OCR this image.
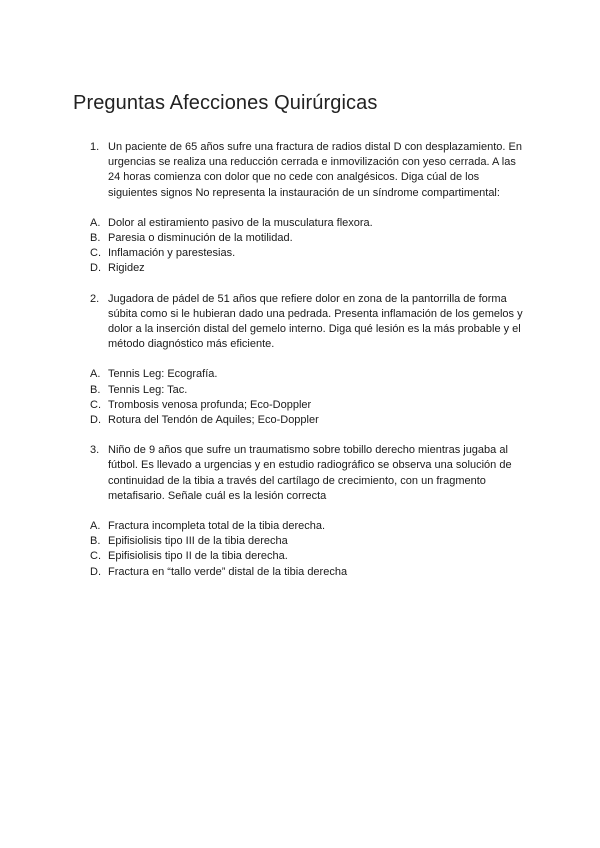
Preguntas Afecciones Quirúrgicas
1. Un paciente de 65 años sufre una fractura de radios distal D con desplazamiento. En urgencias se realiza una reducción cerrada e inmovilización con yeso cerrada. A las 24 horas comienza con dolor que no cede con analgésicos. Diga cúal de los siguientes signos No representa la instauración de un síndrome compartimental:
A. Dolor al estiramiento pasivo de la musculatura flexora.
B. Paresia o disminución de la motilidad.
C. Inflamación y parestesias.
D. Rigidez
2. Jugadora de pádel de 51 años que refiere dolor en zona de la pantorrilla de forma súbita como si le hubieran dado una pedrada. Presenta inflamación de los gemelos y dolor a la inserción distal del gemelo interno. Diga qué lesión es la más probable y el método diagnóstico más eficiente.
A. Tennis Leg: Ecografía.
B. Tennis Leg: Tac.
C. Trombosis venosa profunda; Eco-Doppler
D. Rotura del Tendón de Aquiles; Eco-Doppler
3. Niño de 9 años que sufre un traumatismo sobre tobillo derecho mientras jugaba al fútbol. Es llevado a urgencias y en estudio radiográfico se observa una solución de continuidad de la tibia a través del cartílago de crecimiento, con un fragmento metafisario. Señale cuál es la lesión correcta
A. Fractura incompleta total de la tibia derecha.
B. Epifisiolisis tipo III de la tibia derecha
C. Epifisiolisis tipo II de la tibia derecha.
D. Fractura en “tallo verde” distal de la tibia derecha
